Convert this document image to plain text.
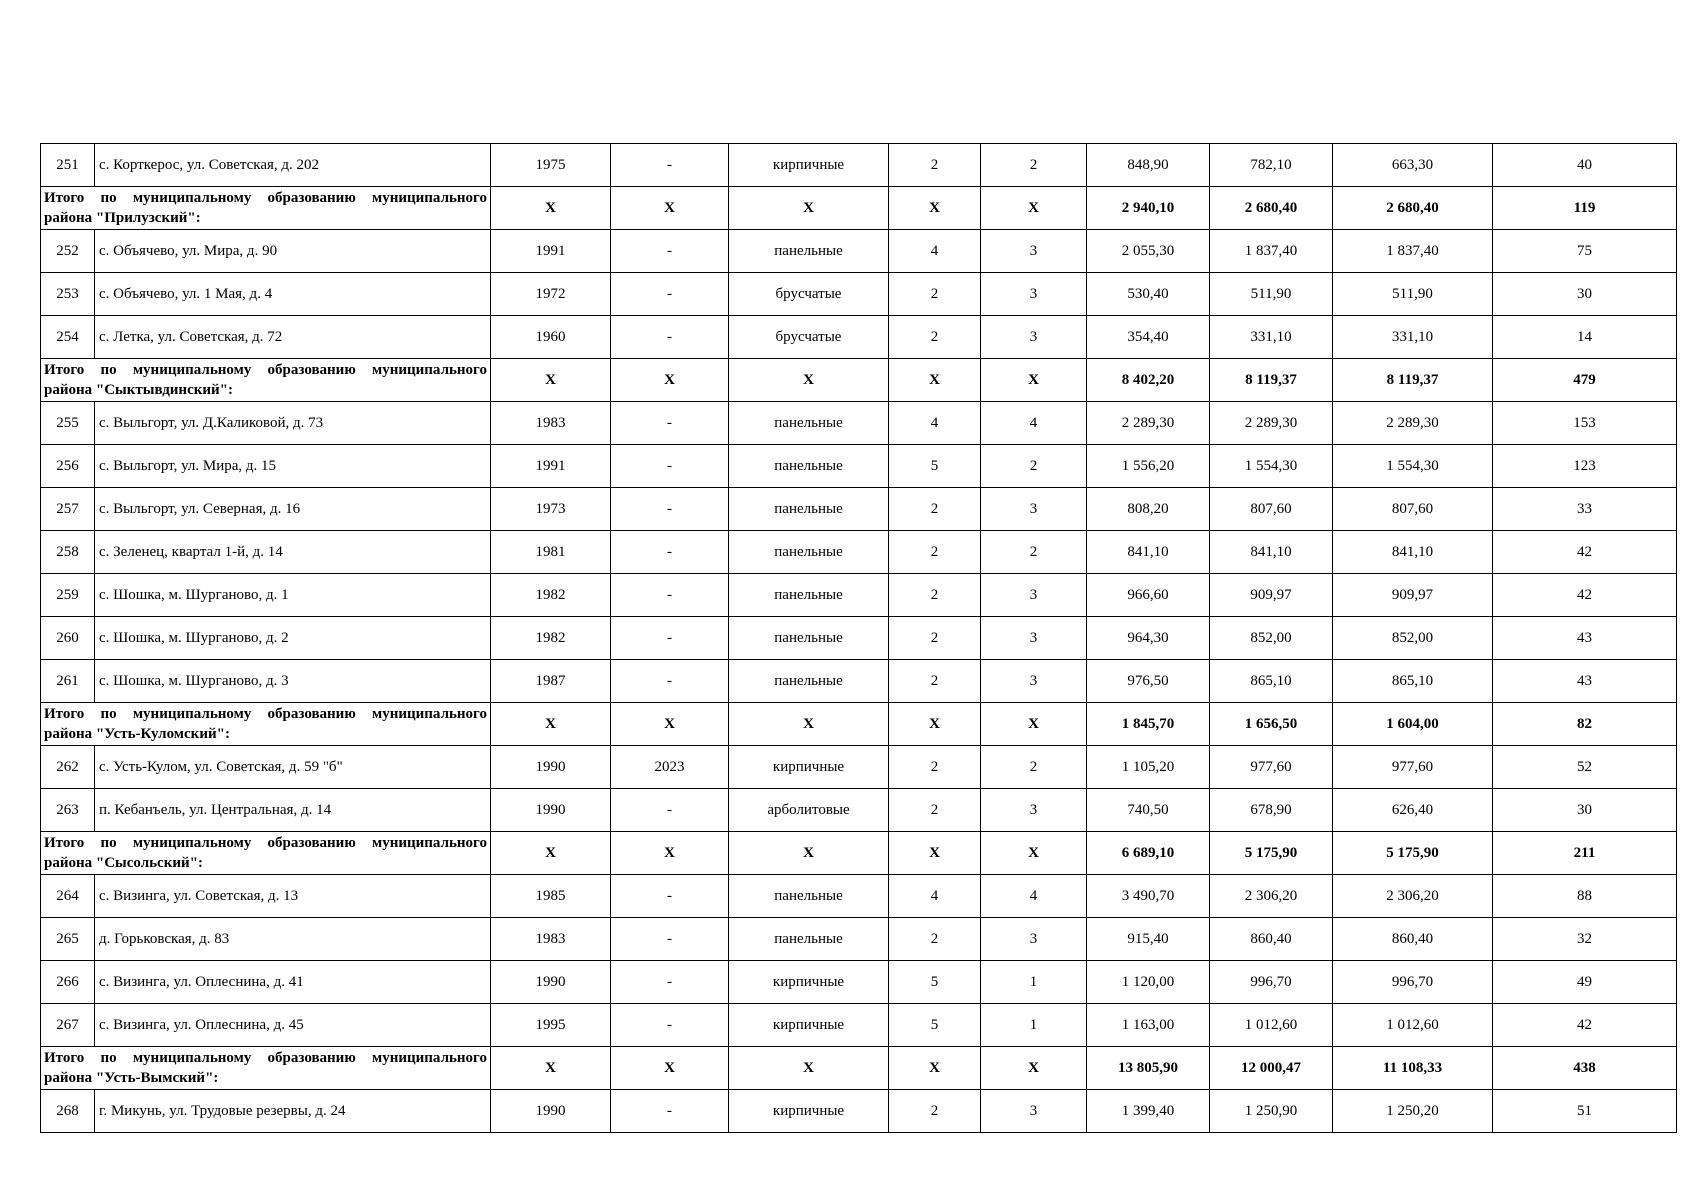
251	с. Корткерос, ул. Советская, д. 202	1975	-	кирпичные	2	2	848,90	782,10	663,30	40
Итого по муниципальному образованию муниципального района "Прилузский":		X	X	X	X	X	2 940,10	2 680,40	2 680,40	119
252	с. Объячево, ул. Мира, д. 90	1991	-	панельные	4	3	2 055,30	1 837,40	1 837,40	75
253	с. Объячево, ул. 1 Мая, д. 4	1972	-	брусчатые	2	3	530,40	511,90	511,90	30
254	с. Летка, ул. Советская, д. 72	1960	-	брусчатые	2	3	354,40	331,10	331,10	14
Итого по муниципальному образованию муниципального района "Сыктывдинский":		X	X	X	X	X	8 402,20	8 119,37	8 119,37	479
255	с. Выльгорт, ул. Д.Каликовой, д. 73	1983	-	панельные	4	4	2 289,30	2 289,30	2 289,30	153
256	с. Выльгорт, ул. Мира, д. 15	1991	-	панельные	5	2	1 556,20	1 554,30	1 554,30	123
257	с. Выльгорт, ул. Северная, д. 16	1973	-	панельные	2	3	808,20	807,60	807,60	33
258	с. Зеленец, квартал 1-й, д. 14	1981	-	панельные	2	2	841,10	841,10	841,10	42
259	с. Шошка, м. Шурганово, д. 1	1982	-	панельные	2	3	966,60	909,97	909,97	42
260	с. Шошка, м. Шурганово, д. 2	1982	-	панельные	2	3	964,30	852,00	852,00	43
261	с. Шошка, м. Шурганово, д. 3	1987	-	панельные	2	3	976,50	865,10	865,10	43
Итого по муниципальному образованию муниципального района "Усть-Куломский":		X	X	X	X	X	1 845,70	1 656,50	1 604,00	82
262	с. Усть-Кулом, ул. Советская, д. 59 "б"	1990	2023	кирпичные	2	2	1 105,20	977,60	977,60	52
263	п. Кебанъель, ул. Центральная, д. 14	1990	-	арболитовые	2	3	740,50	678,90	626,40	30
Итого по муниципальному образованию муниципального района "Сысольский":		X	X	X	X	X	6 689,10	5 175,90	5 175,90	211
264	с. Визинга, ул. Советская, д. 13	1985	-	панельные	4	4	3 490,70	2 306,20	2 306,20	88
265	д. Горьковская, д. 83	1983	-	панельные	2	3	915,40	860,40	860,40	32
266	с. Визинга, ул. Оплеснина, д. 41	1990	-	кирпичные	5	1	1 120,00	996,70	996,70	49
267	с. Визинга, ул. Оплеснина, д. 45	1995	-	кирпичные	5	1	1 163,00	1 012,60	1 012,60	42
Итого по муниципальному образованию муниципального района "Усть-Вымский":		X	X	X	X	X	13 805,90	12 000,47	11 108,33	438
268	г. Микунь, ул. Трудовые резервы, д. 24	1990	-	кирпичные	2	3	1 399,40	1 250,90	1 250,20	51
